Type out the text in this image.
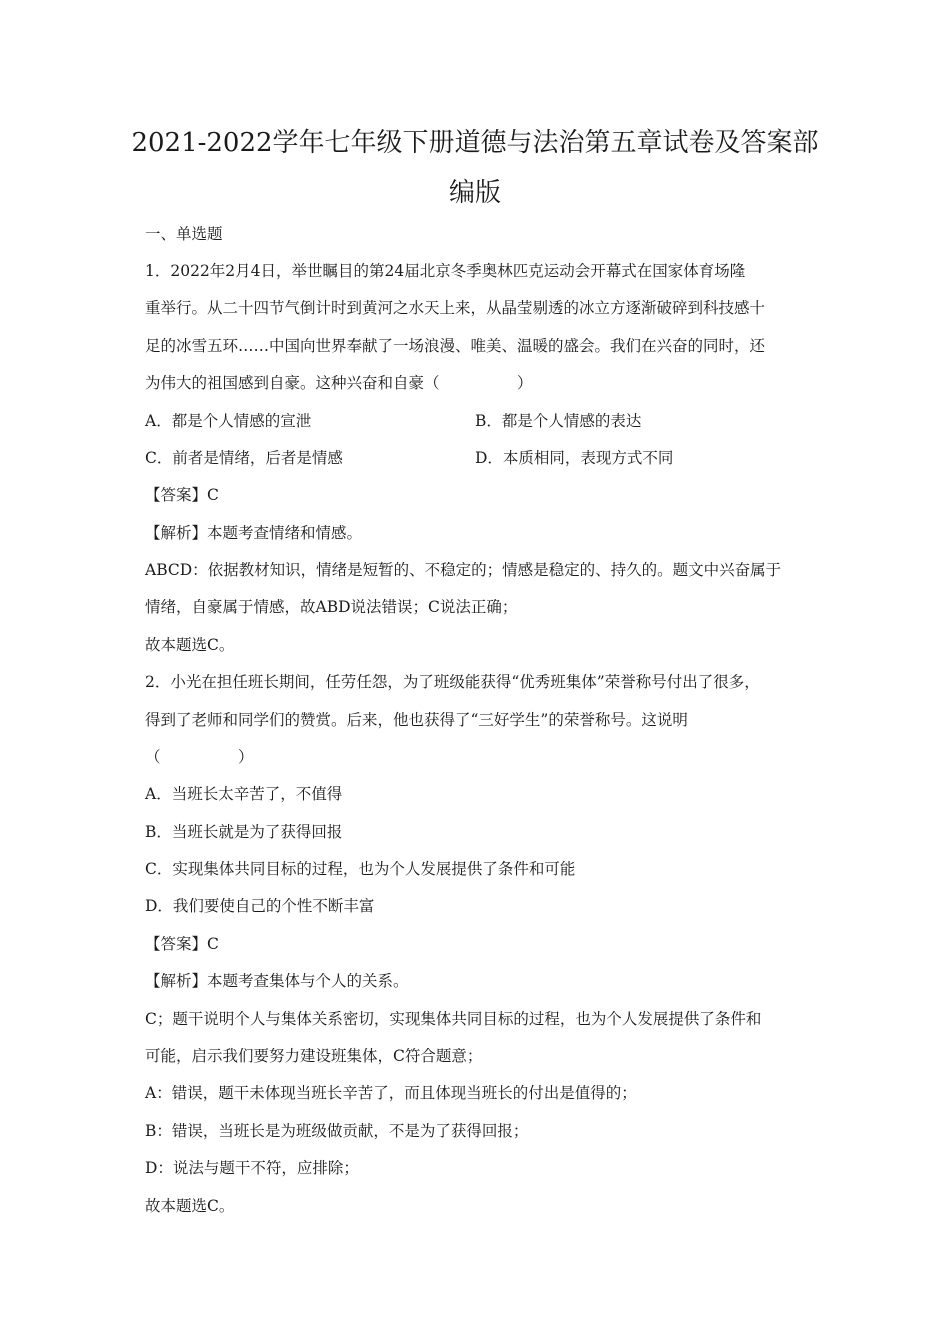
2021-2022学年七年级下册道德与法治第五章试卷及答案部
编版
一、单选题
1．2022年2月4日，举世瞩目的第24届北京冬季奥林匹克运动会开幕式在国家体育场隆
重举行。从二十四节气倒计时到黄河之水天上来，从晶莹剔透的冰立方逐渐破碎到科技感十
足的冰雪五环……中国向世界奉献了一场浪漫、唯美、温暖的盛会。我们在兴奋的同时，还
为伟大的祖国感到自豪。这种兴奋和自豪（　　　　　）
A．都是个人情感的宣泄	B．都是个人情感的表达
C．前者是情绪，后者是情感	D．本质相同，表现方式不同
【答案】C
【解析】本题考查情绪和情感。
ABCD：依据教材知识，情绪是短暂的、不稳定的；情感是稳定的、持久的。题文中兴奋属于
情绪，自豪属于情感，故ABD说法错误；C说法正确；
故本题选C。
2．小光在担任班长期间，任劳任怨，为了班级能获得“优秀班集体”荣誉称号付出了很多，
得到了老师和同学们的赞赏。后来，他也获得了“三好学生”的荣誉称号。这说明
（　　　　　）
A．当班长太辛苦了，不值得
B．当班长就是为了获得回报
C．实现集体共同目标的过程，也为个人发展提供了条件和可能
D．我们要使自己的个性不断丰富
【答案】C
【解析】本题考查集体与个人的关系。
C；题干说明个人与集体关系密切，实现集体共同目标的过程，也为个人发展提供了条件和
可能，启示我们要努力建设班集体，C符合题意；
A：错误，题干未体现当班长辛苦了，而且体现当班长的付出是值得的；
B：错误，当班长是为班级做贡献，不是为了获得回报；
D：说法与题干不符，应排除；
故本题选C。
